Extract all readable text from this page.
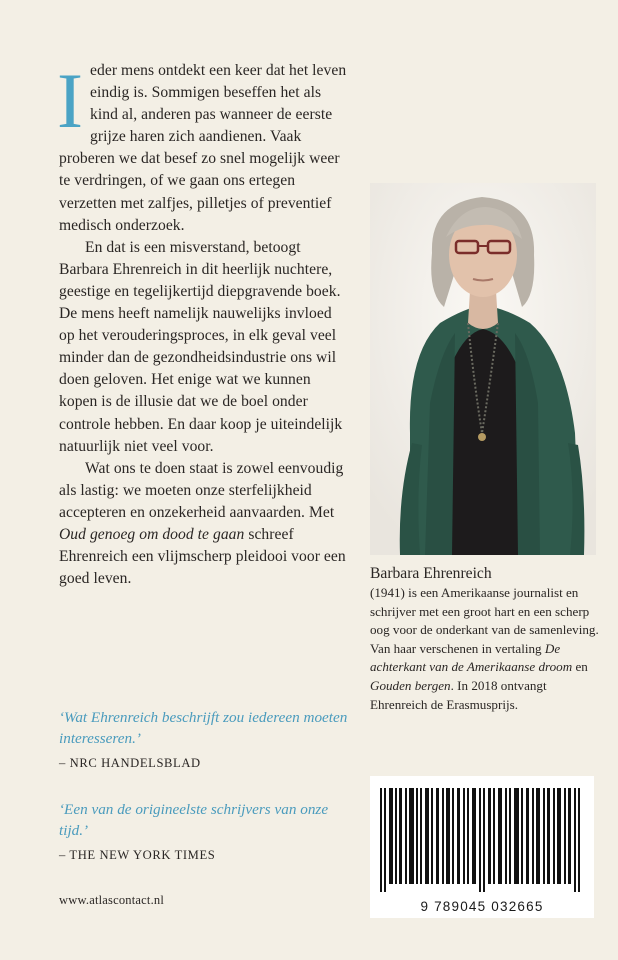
Ieder mens ontdekt een keer dat het leven eindig is. Sommigen beseffen het als kind al, anderen pas wanneer de eerste grijze haren zich aandienen. Vaak proberen we dat besef zo snel mogelijk weer te verdringen, of we gaan ons ertegen verzetten met zalfjes, pilletjes of preventief medisch onderzoek.

En dat is een misverstand, betoogt Barbara Ehrenreich in dit heerlijk nuchtere, geestige en tegelijkertijd diepgravende boek. De mens heeft namelijk nauwelijks invloed op het verouderingsproces, in elk geval veel minder dan de gezondheidsindustrie ons wil doen geloven. Het enige wat we kunnen kopen is de illusie dat we de boel onder controle hebben. En daar koop je uiteindelijk natuurlijk niet veel voor.

Wat ons te doen staat is zowel eenvoudig als lastig: we moeten onze sterfelijkheid accepteren en onzekerheid aanvaarden. Met Oud genoeg om dood te gaan schreef Ehrenreich een vlijmscherp pleidooi voor een goed leven.

‘Wat Ehrenreich beschrijft zou iedereen moeten interesseren.’
– NRC HANDELSBLAD
‘Een van de origineelste schrijvers van onze tijd.’
– THE NEW YORK TIMES
www.atlascontact.nl
Barbara Ehrenreich

(1941) is een Amerikaanse journalist en schrijver met een groot hart en een scherp oog voor de onderkant van de samenleving. Van haar verschenen in vertaling De achterkant van de Amerikaanse droom en Gouden bergen. In 2018 ontvangt Ehrenreich de Erasmusprijs.

9 789045 032665
